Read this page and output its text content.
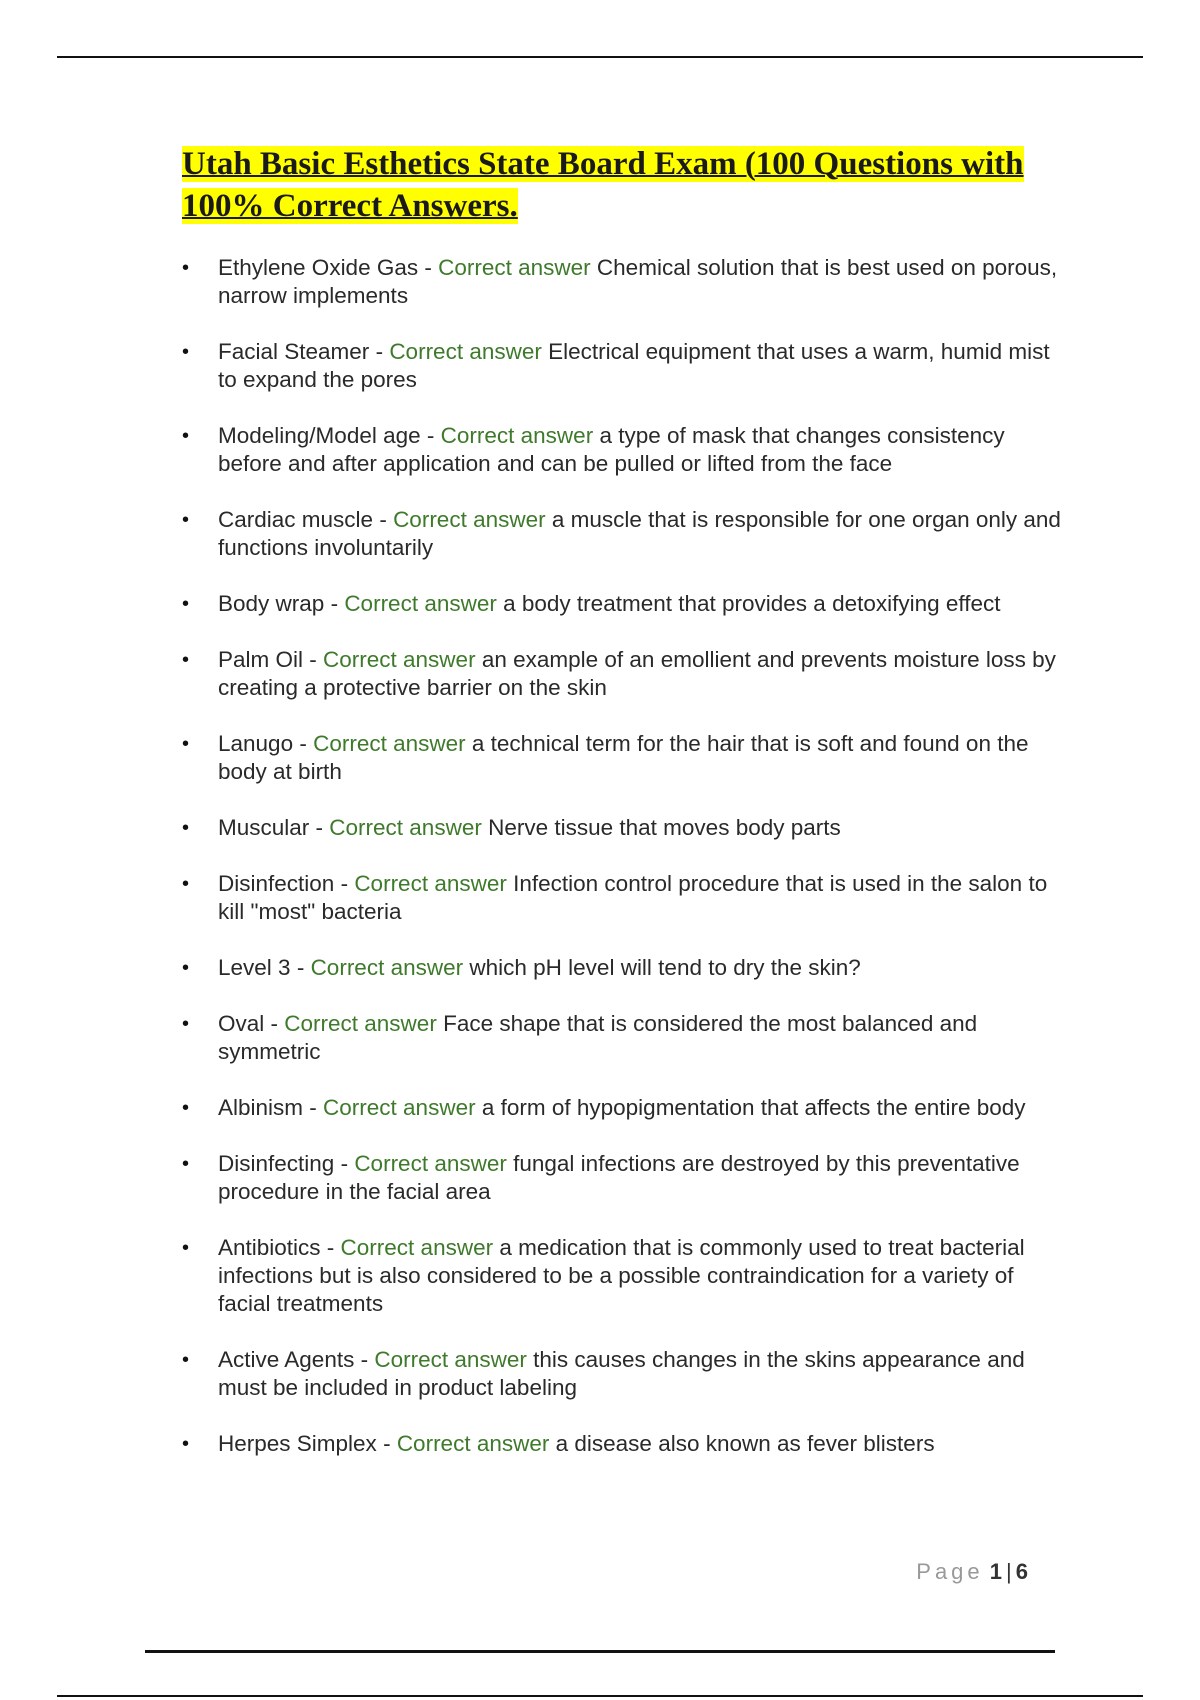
Utah Basic Esthetics State Board Exam (100 Questions with 100% Correct Answers.
•	Ethylene Oxide Gas - Correct answer Chemical solution that is best used on porous, narrow implements
•	Facial Steamer - Correct answer Electrical equipment that uses a warm, humid mist to expand the pores
•	Modeling/Model age - Correct answer a type of mask that changes consistency before and after application and can be pulled or lifted from the face
•	Cardiac muscle - Correct answer a muscle that is responsible for one organ only and functions involuntarily
•	Body wrap - Correct answer a body treatment that provides a detoxifying effect
•	Palm Oil - Correct answer an example of an emollient and prevents moisture loss by creating a protective barrier on the skin
•	Lanugo - Correct answer a technical term for the hair that is soft and found on the body at birth
•	Muscular - Correct answer Nerve tissue that moves body parts
•	Disinfection - Correct answer Infection control procedure that is used in the salon to kill "most" bacteria
•	Level 3 - Correct answer which pH level will tend to dry the skin?
•	Oval - Correct answer Face shape that is considered the most balanced and symmetric
•	Albinism - Correct answer a form of hypopigmentation that affects the entire body
•	Disinfecting - Correct answer fungal infections are destroyed by this preventative procedure in the facial area
•	Antibiotics - Correct answer a medication that is commonly used to treat bacterial infections but is also considered to be a possible contraindication for a variety of facial treatments
•	Active Agents - Correct answer this causes changes in the skins appearance and must be included in product labeling
•	Herpes Simplex - Correct answer a disease also known as fever blisters
Page 1 | 6
